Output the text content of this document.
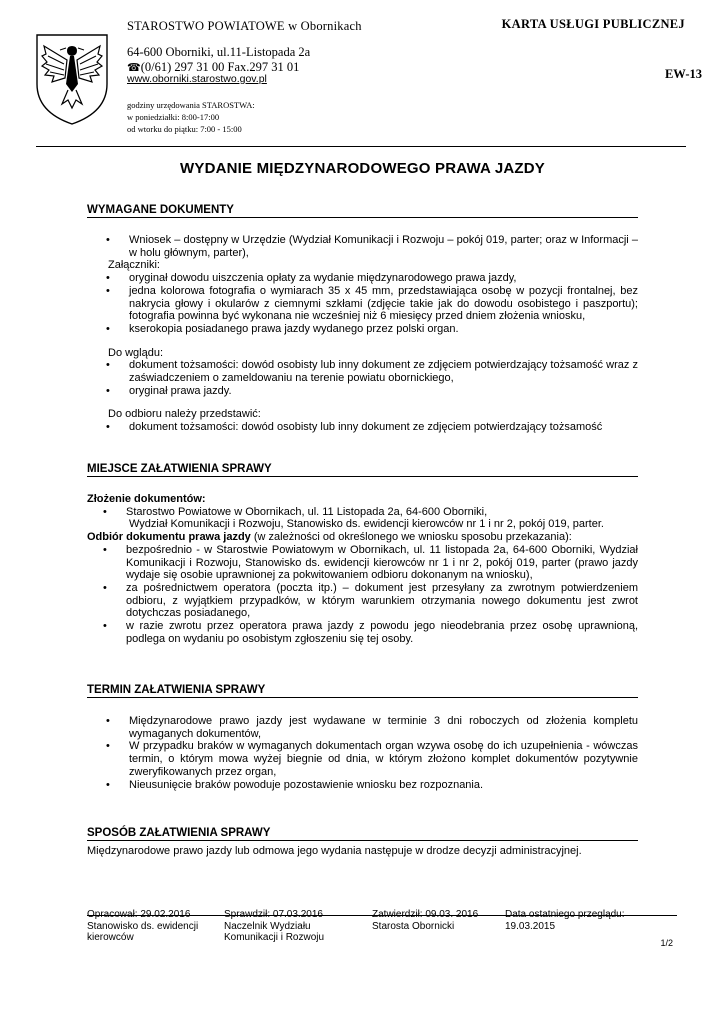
STAROSTWO POWIATOWE w Obornikach	KARTA USŁUGI PUBLICZNEJ
64-600 Oborniki, ul.11-Listopada 2a
☎(0/61) 297 31 00 Fax.297 31 01
www.oborniki.starostwo.gov.pl	EW-13
godziny urzędowania STAROSTWA:
w poniedziałki: 8:00-17:00
od wtorku do piątku: 7:00 - 15:00
WYDANIE MIĘDZYNARODOWEGO PRAWA JAZDY
WYMAGANE DOKUMENTY
• Wniosek – dostępny w Urzędzie (Wydział Komunikacji i Rozwoju – pokój 019, parter; oraz w Informacji – w holu głównym, parter),

Załączniki:

• oryginał dowodu uiszczenia opłaty za wydanie międzynarodowego prawa jazdy,
• jedna kolorowa fotografia o wymiarach 35 x 45 mm, przedstawiająca osobę w pozycji frontalnej, bez nakrycia głowy i okularów z ciemnymi szkłami (zdjęcie takie jak do dowodu osobistego i paszportu); fotografia powinna być wykonana nie wcześniej niż 6 miesięcy przed dniem złożenia wniosku,
• kserokopia posiadanego prawa jazdy wydanego przez polski organ.

Do wglądu:

• dokument tożsamości: dowód osobisty lub inny dokument ze zdjęciem potwierdzający tożsamość wraz z zaświadczeniem o zameldowaniu na terenie powiatu obornickiego,
• oryginał prawa jazdy.

Do odbioru należy przedstawić:

• dokument tożsamości: dowód osobisty lub inny dokument ze zdjęciem potwierdzający tożsamość
MIEJSCE ZAŁATWIENIA SPRAWY

Złożenie dokumentów:

• Starostwo Powiatowe w Obornikach, ul. 11 Listopada 2a, 64-600 Oborniki,

Wydział Komunikacji i Rozwoju, Stanowisko ds. ewidencji kierowców nr 1 i nr 2, pokój 019, parter.

Odbiór dokumentu prawa jazdy (w zależności od określonego we wniosku sposobu przekazania):

• bezpośrednio - w Starostwie Powiatowym w Obornikach, ul. 11 listopada 2a, 64-600 Oborniki, Wydział Komunikacji i Rozwoju, Stanowisko ds. ewidencji kierowców nr 1 i nr 2, pokój 019, parter (prawo jazdy wydaje się osobie uprawnionej za pokwitowaniem odbioru dokonanym na wniosku),
• za pośrednictwem operatora (poczta itp.) – dokument jest przesyłany za zwrotnym potwierdzeniem odbioru, z wyjątkiem przypadków, w którym warunkiem otrzymania nowego dokumentu jest zwrot dotychczas posiadanego,
• w razie zwrotu przez operatora prawa jazdy z powodu jego nieodebrania przez osobę uprawnioną, podlega on wydaniu po osobistym zgłoszeniu się tej osoby.
TERMIN ZAŁATWIENIA SPRAWY
• Międzynarodowe prawo jazdy jest wydawane w terminie 3 dni roboczych od złożenia kompletu wymaganych dokumentów,
• W przypadku braków w wymaganych dokumentach organ wzywa osobę do ich uzupełnienia - wówczas termin, o którym mowa wyżej biegnie od dnia, w którym złożono komplet dokumentów pozytywnie zweryfikowanych przez organ,
• Nieusunięcie braków powoduje pozostawienie wniosku bez rozpoznania.
SPOSÓB ZAŁATWIENIA SPRAWY
Międzynarodowe prawo jazdy lub odmowa jego wydania następuje w drodze decyzji administracyjnej.
Opracował: 29.02.2016
Stanowisko ds. ewidencji
kierowców
Sprawdził: 07.03.2016
Naczelnik Wydziału
Komunikacji i Rozwoju
Zatwierdził: 09.03. 2016
Starosta Obornicki
Data ostatniego przeglądu: 19.03.2015
1/2
